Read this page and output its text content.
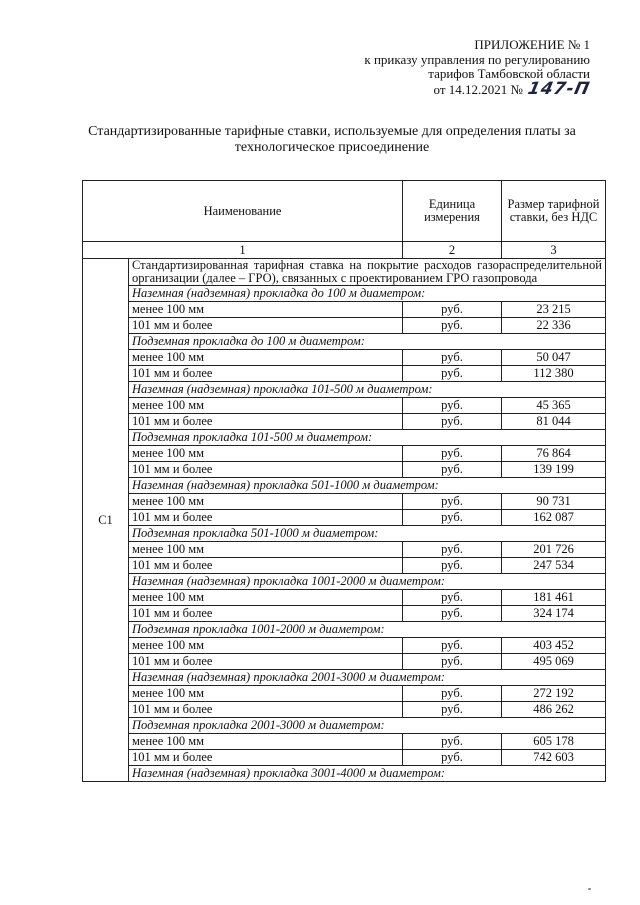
ПРИЛОЖЕНИЕ № 1
к приказу управления по регулированию
тарифов Тамбовской области
от 14.12.2021 № 147-П
Стандартизированные тарифные ставки, используемые для определения платы за
технологическое присоединение
Наименование		Единица измерения	Размер тарифной ставки, без НДС
1		2	3
С1	Стандартизированная тарифная ставка на покрытие расходов газораспределительной организации (далее – ГРО), связанных с проектированием ГРО газопровода		
	Наземная (надземная) прокладка до 100 м диаметром:		
	менее 100 мм	руб.	23 215
	101 мм и более	руб.	22 336
	Подземная прокладка до 100 м диаметром:		
	менее 100 мм	руб.	50 047
	101 мм и более	руб.	112 380
	Наземная (надземная) прокладка 101-500 м диаметром:		
	менее 100 мм	руб.	45 365
	101 мм и более	руб.	81 044
	Подземная прокладка 101-500 м диаметром:		
	менее 100 мм	руб.	76 864
	101 мм и более	руб.	139 199
	Наземная (надземная) прокладка 501-1000 м диаметром:		
	менее 100 мм	руб.	90 731
	101 мм и более	руб.	162 087
	Подземная прокладка 501-1000 м диаметром:		
	менее 100 мм	руб.	201 726
	101 мм и более	руб.	247 534
	Наземная (надземная) прокладка 1001-2000 м диаметром:		
	менее 100 мм	руб.	181 461
	101 мм и более	руб.	324 174
	Подземная прокладка 1001-2000 м диаметром:		
	менее 100 мм	руб.	403 452
	101 мм и более	руб.	495 069
	Наземная (надземная) прокладка 2001-3000 м диаметром:		
	менее 100 мм	руб.	272 192
	101 мм и более	руб.	486 262
	Подземная прокладка 2001-3000 м диаметром:		
	менее 100 мм	руб.	605 178
	101 мм и более	руб.	742 603
	Наземная (надземная) прокладка 3001-4000 м диаметром:		
